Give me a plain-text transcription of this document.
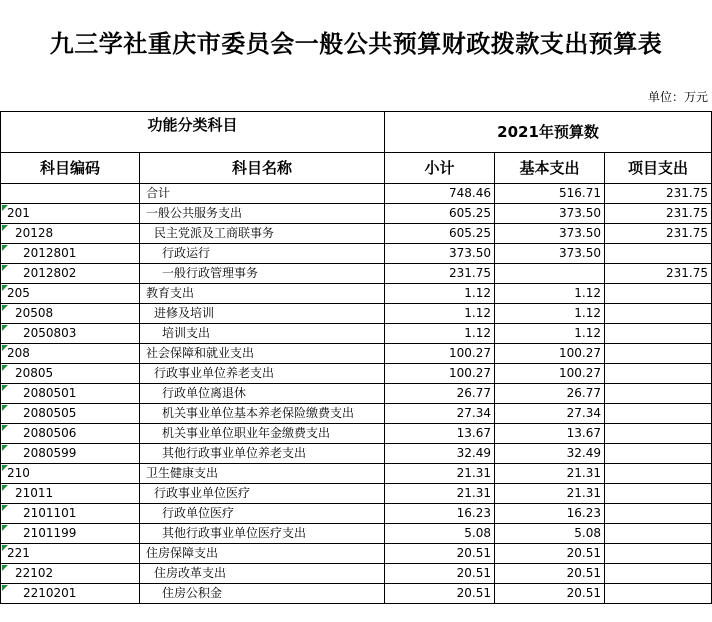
九三学社重庆市委员会一般公共预算财政拨款支出预算表
单位：万元
功能分类科目		2021年预算数		
科目编码	科目名称	小计	基本支出	项目支出
	合计	748.46	516.71	231.75

201	一般公共服务支出	605.25	373.50	231.75

20128	民主党派及工商联事务	605.25	373.50	231.75

2012801	行政运行	373.50	373.50	

2012802	一般行政管理事务	231.75		231.75

205	教育支出	1.12	1.12	

20508	进修及培训	1.12	1.12	

2050803	培训支出	1.12	1.12	

208	社会保障和就业支出	100.27	100.27	

20805	行政事业单位养老支出	100.27	100.27	

2080501	行政单位离退休	26.77	26.77	

2080505	机关事业单位基本养老保险缴费支出	27.34	27.34	

2080506	机关事业单位职业年金缴费支出	13.67	13.67	

2080599	其他行政事业单位养老支出	32.49	32.49	

210	卫生健康支出	21.31	21.31	

21011	行政事业单位医疗	21.31	21.31	

2101101	行政单位医疗	16.23	16.23	

2101199	其他行政事业单位医疗支出	5.08	5.08	

221	住房保障支出	20.51	20.51	

22102	住房改革支出	20.51	20.51	

2210201	住房公积金	20.51	20.51	
